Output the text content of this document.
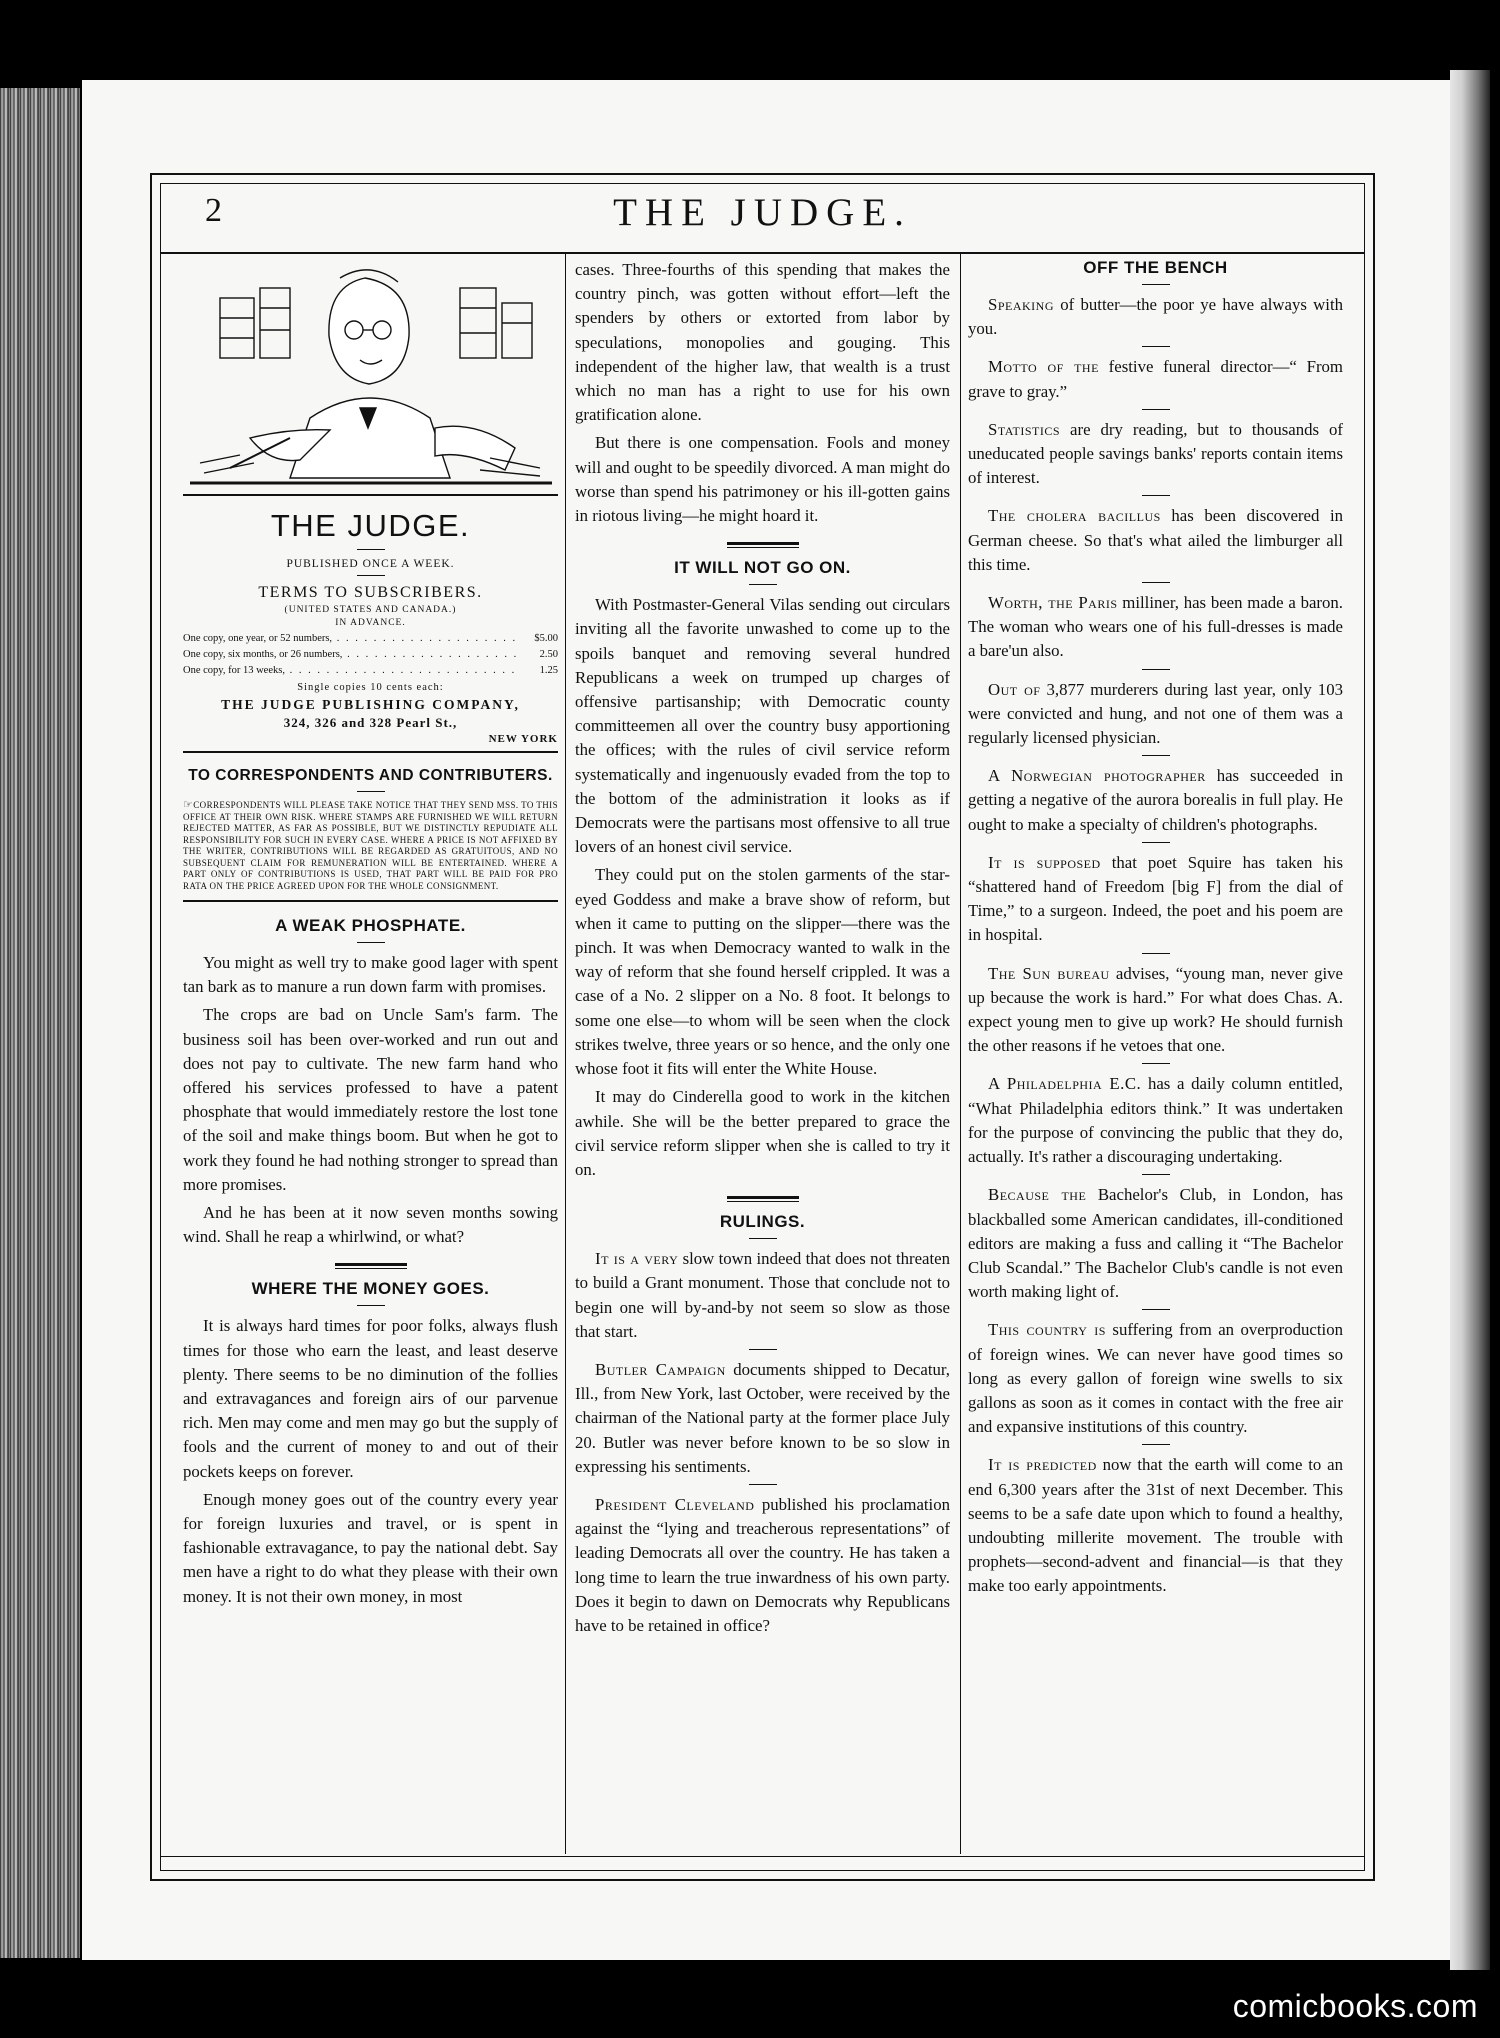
2	THE JUDGE.
THE JUDGE.
PUBLISHED ONCE A WEEK.
TERMS TO SUBSCRIBERS.
(UNITED STATES AND CANADA.)
IN ADVANCE.
One copy, one year, or 52 numbers, . . .	$5.00
One copy, six months, or 26 numbers, . . .	2.50
One copy, for 13 weeks, . . .	1.25
Single copies 10 cents each:
THE JUDGE PUBLISHING COMPANY,
324, 326 and 328 Pearl St.,
NEW YORK
TO CORRESPONDENTS AND CONTRIBUTERS.
☞CORRESPONDENTS WILL PLEASE TAKE NOTICE THAT THEY SEND MSS. TO THIS OFFICE AT THEIR OWN RISK. WHERE STAMPS ARE FURNISHED WE WILL RETURN REJECTED MATTER, AS FAR AS POSSIBLE, BUT WE DISTINCTLY REPUDIATE ALL RESPONSIBILITY FOR SUCH IN EVERY CASE. WHERE A PRICE IS NOT AFFIXED BY THE WRITER, CONTRIBUTIONS WILL BE REGARDED AS GRATUITOUS, AND NO SUBSEQUENT CLAIM FOR REMUNERATION WILL BE ENTERTAINED. WHERE A PART ONLY OF CONTRIBUTIONS IS USED, THAT PART WILL BE PAID FOR PRO RATA ON THE PRICE AGREED UPON FOR THE WHOLE CONSIGNMENT.
A WEAK PHOSPHATE.

You might as well try to make good lager with spent tan bark as to manure a run down farm with promises.

The crops are bad on Uncle Sam's farm. The business soil has been over-worked and run out and does not pay to cultivate. The new farm hand who offered his services professed to have a patent phosphate that would immediately restore the lost tone of the soil and make things boom. But when he got to work they found he had nothing stronger to spread than more promises.

And he has been at it now seven months sowing wind. Shall he reap a whirlwind, or what?

WHERE THE MONEY GOES.

It is always hard times for poor folks, always flush times for those who earn the least, and least deserve plenty. There seems to be no diminution of the follies and extravagances and foreign airs of our parvenue rich. Men may come and men may go but the supply of fools and the current of money to and out of their pockets keeps on forever.

Enough money goes out of the country every year for foreign luxuries and travel, or is spent in fashionable extravagance, to pay the national debt. Say men have a right to do what they please with their own money. It is not their own money, in most

cases. Three-fourths of this spending that makes the country pinch, was gotten without effort—left the spenders by others or extorted from labor by speculations, monopolies and gouging. This independent of the higher law, that wealth is a trust which no man has a right to use for his own gratification alone.

But there is one compensation. Fools and money will and ought to be speedily divorced. A man might do worse than spend his patrimoney or his ill-gotten gains in riotous living—he might hoard it.

IT WILL NOT GO ON.

With Postmaster-General Vilas sending out circulars inviting all the favorite unwashed to come up to the spoils banquet and removing several hundred Republicans a week on trumped up charges of offensive partisanship; with Democratic county committeemen all over the country busy apportioning the offices; with the rules of civil service reform systematically and ingenuously evaded from the top to the bottom of the administration it looks as if Democrats were the partisans most offensive to all true lovers of an honest civil service.

They could put on the stolen garments of the star-eyed Goddess and make a brave show of reform, but when it came to putting on the slipper—there was the pinch. It was when Democracy wanted to walk in the way of reform that she found herself crippled. It was a case of a No. 2 slipper on a No. 8 foot. It belongs to some one else—to whom will be seen when the clock strikes twelve, three years or so hence, and the only one whose foot it fits will enter the White House.

It may do Cinderella good to work in the kitchen awhile. She will be the better prepared to grace the civil service reform slipper when she is called to try it on.

RULINGS.

It is a very slow town indeed that does not threaten to build a Grant monument. Those that conclude not to begin one will by-and-by not seem so slow as those that start.

Butler Campaign documents shipped to Decatur, Ill., from New York, last October, were received by the chairman of the National party at the former place July 20. Butler was never before known to be so slow in expressing his sentiments.

President Cleveland published his proclamation against the “lying and treacherous representations” of leading Democrats all over the country. He has taken a long time to learn the true inwardness of his own party. Does it begin to dawn on Democrats why Republicans have to be retained in office?

OFF THE BENCH

Speaking of butter—the poor ye have always with you.

Motto of the festive funeral director—“ From grave to gray.”

Statistics are dry reading, but to thousands of uneducated people savings banks' reports contain items of interest.

The cholera bacillus has been discovered in German cheese. So that's what ailed the limburger all this time.

Worth, the Paris milliner, has been made a baron. The woman who wears one of his full-dresses is made a bare'un also.

Out of 3,877 murderers during last year, only 103 were convicted and hung, and not one of them was a regularly licensed physician.

A Norwegian photographer has succeeded in getting a negative of the aurora borealis in full play. He ought to make a specialty of children's photographs.

It is supposed that poet Squire has taken his “shattered hand of Freedom [big F] from the dial of Time,” to a surgeon. Indeed, the poet and his poem are in hospital.

The Sun bureau advises, “young man, never give up because the work is hard.” For what does Chas. A. expect young men to give up work? He should furnish the other reasons if he vetoes that one.

A Philadelphia E.C. has a daily column entitled, “What Philadelphia editors think.” It was undertaken for the purpose of convincing the public that they do, actually. It's rather a discouraging undertaking.

Because the Bachelor's Club, in London, has blackballed some American candidates, ill-conditioned editors are making a fuss and calling it “The Bachelor Club Scandal.” The Bachelor Club's candle is not even worth making light of.

This country is suffering from an overproduction of foreign wines. We can never have good times so long as every gallon of foreign wine swells to six gallons as soon as it comes in contact with the free air and expansive institutions of this country.

It is predicted now that the earth will come to an end 6,300 years after the 31st of next December. This seems to be a safe date upon which to found a healthy, undoubting millerite movement. The trouble with prophets—second-advent and financial—is that they make too early appointments.

comicbooks.com
